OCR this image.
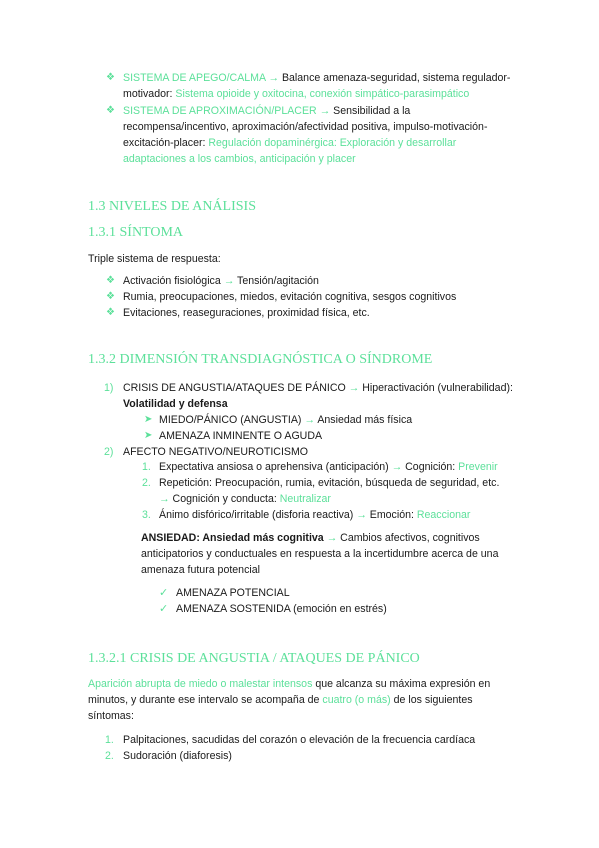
❖ SISTEMA DE APEGO/CALMA → Balance amenaza-seguridad, sistema regulador-
motivador: Sistema opioide y oxitocina, conexión simpático-parasimpático
❖ SISTEMA DE APROXIMACIÓN/PLACER → Sensibilidad a la
recompensa/incentivo, aproximación/afectividad positiva, impulso-motivación-
excitación-placer: Regulación dopaminérgica: Exploración y desarrollar
adaptaciones a los cambios, anticipación y placer
1.3 NIVELES DE ANÁLISIS
1.3.1 SÍNTOMA
Triple sistema de respuesta:
❖ Activación fisiológica → Tensión/agitación
❖ Rumia, preocupaciones, miedos, evitación cognitiva, sesgos cognitivos
❖ Evitaciones, reaseguraciones, proximidad física, etc.
1.3.2 DIMENSIÓN TRANSDIAGNÓSTICA O SÍNDROME
1) CRISIS DE ANGUSTIA/ATAQUES DE PÁNICO → Hiperactivación (vulnerabilidad):
Volatilidad y defensa
➤ MIEDO/PÁNICO (ANGUSTIA) → Ansiedad más física
➤ AMENAZA INMINENTE O AGUDA
2) AFECTO NEGATIVO/NEUROTICISMO
1. Expectativa ansiosa o aprehensiva (anticipación) → Cognición: Prevenir
2. Repetición: Preocupación, rumia, evitación, búsqueda de seguridad, etc.
→ Cognición y conducta: Neutralizar
3. Ánimo disfórico/irritable (disforia reactiva) → Emoción: Reaccionar
ANSIEDAD: Ansiedad más cognitiva → Cambios afectivos, cognitivos
anticipatorios y conductuales en respuesta a la incertidumbre acerca de una
amenaza futura potencial
✓ AMENAZA POTENCIAL
✓ AMENAZA SOSTENIDA (emoción en estrés)
1.3.2.1 CRISIS DE ANGUSTIA / ATAQUES DE PÁNICO
Aparición abrupta de miedo o malestar intensos que alcanza su máxima expresión en
minutos, y durante ese intervalo se acompaña de cuatro (o más) de los siguientes
síntomas:
1. Palpitaciones, sacudidas del corazón o elevación de la frecuencia cardíaca
2. Sudoración (diaforesis)
